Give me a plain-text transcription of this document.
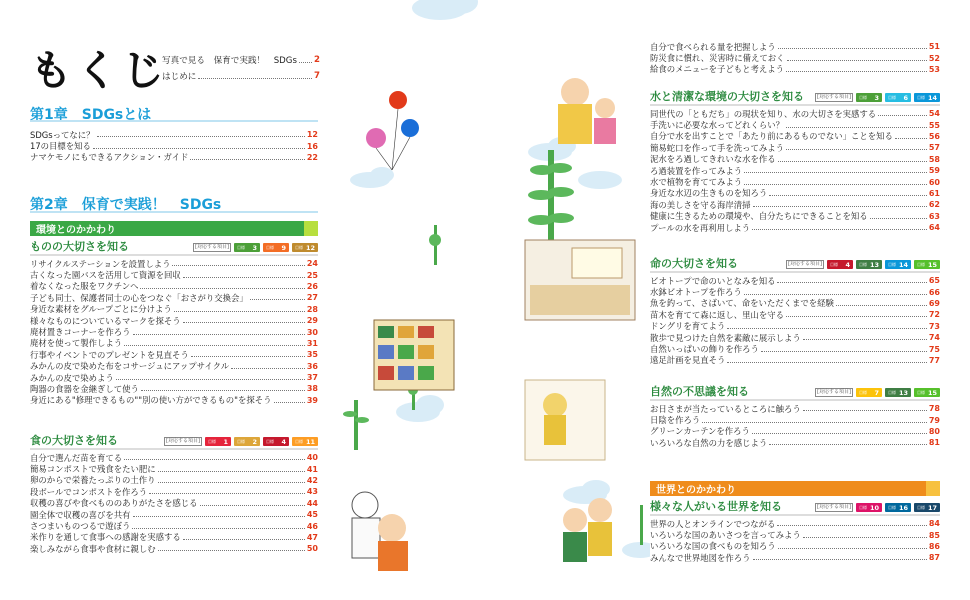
もくじ
写真で見る　保育で実践！　SDGs 2
はじめに	7
第1章　SDGsとは
SDGsってなに？	12
17の目標を知る	16
ナマケモノにもできるアクション・ガイド	22
第2章　保育で実践！　SDGs
環境とのかかわり
ものの大切さを知る	[対応する項目]	目標 3 目標 9 目標 12
リサイクルステーションを設置しよう	24
古くなった園バスを活用して資源を回収	25
着なくなった服をワクチンへ	26
子ども同士、保護者同士の心をつなぐ「おさがり交換会」	27
身近な素材をグループごとに分けよう	28
様々なものについているマークを探そう	29
廃材置きコーナーを作ろう	30
廃材を使って製作しよう	31
行事やイベントでのプレゼントを見直そう	35
みかんの皮で染めた布をコサージュにアップサイクル	36
みかんの皮で染めよう	37
陶器の食器を金継ぎして使う	38
身近にある"修理できるもの""別の使い方ができるもの"を探そう	39
食の大切さを知る	[対応する項目]	目標 1 目標 2 目標 4 目標 11
自分で選んだ苗を育てる	40
簡易コンポストで残食をたい肥に	41
卵のからで栄養たっぷりの土作り	42
段ボールでコンポストを作ろう	43
収穫の喜びや食べもののありがたさを感じる	44
園全体で収穫の喜びを共有	45
さつまいものつるで遊ぼう	46
米作りを通して食事への感謝を実感する	47
楽しみながら食事や食材に親しむ	50
自分で食べられる量を把握しよう	51
防災食に慣れ、災害時に備えておく	52
給食のメニューを子どもと考えよう	53
水と清潔な環境の大切さを知る	[対応する項目]	目標 3 目標 6 目標 14
同世代の「ともだち」の現状を知り、水の大切さを実感する	54
手洗いに必要な水ってどれくらい？	55
自分で水を出すことで「あたり前にあるものでない」ことを知る	56
簡易蛇口を作って手を洗ってみよう	57
泥水をろ過してきれいな水を作る	58
ろ過装置を作ってみよう	59
水で植物を育ててみよう	60
身近な水辺の生きものを知ろう	61
海の美しさを守る海岸清掃	62
健康に生きるための環境や、自分たちにできることを知る	63
プールの水を再利用しよう	64
命の大切さを知る	[対応する項目]	目標 4 目標 13 目標 14 目標 15
ビオトープで命のいとなみを知る	65
水鉢ビオトープを作ろう	66
魚を釣って、さばいて、命をいただくまでを経験	69
苗木を育てて森に返し、里山を守る	72
ドングリを育てよう	73
散歩で見つけた自然を素敵に展示しよう	74
自然いっぱいの飾りを作ろう	75
遠足計画を見直そう	77
自然の不思議を知る	[対応する項目]	目標 7 目標 13 目標 15
お日さまが当たっているところに触ろう	78
日陰を作ろう	79
グリーンカーテンを作ろう	80
いろいろな自然の力を感じよう	81
世界とのかかわり
様々な人がいる世界を知る	[対応する項目]	目標 10 目標 16 目標 17
世界の人とオンラインでつながる	84
いろいろな国のあいさつを言ってみよう	85
いろいろな国の食べものを知ろう	86
みんなで世界地図を作ろう	87
